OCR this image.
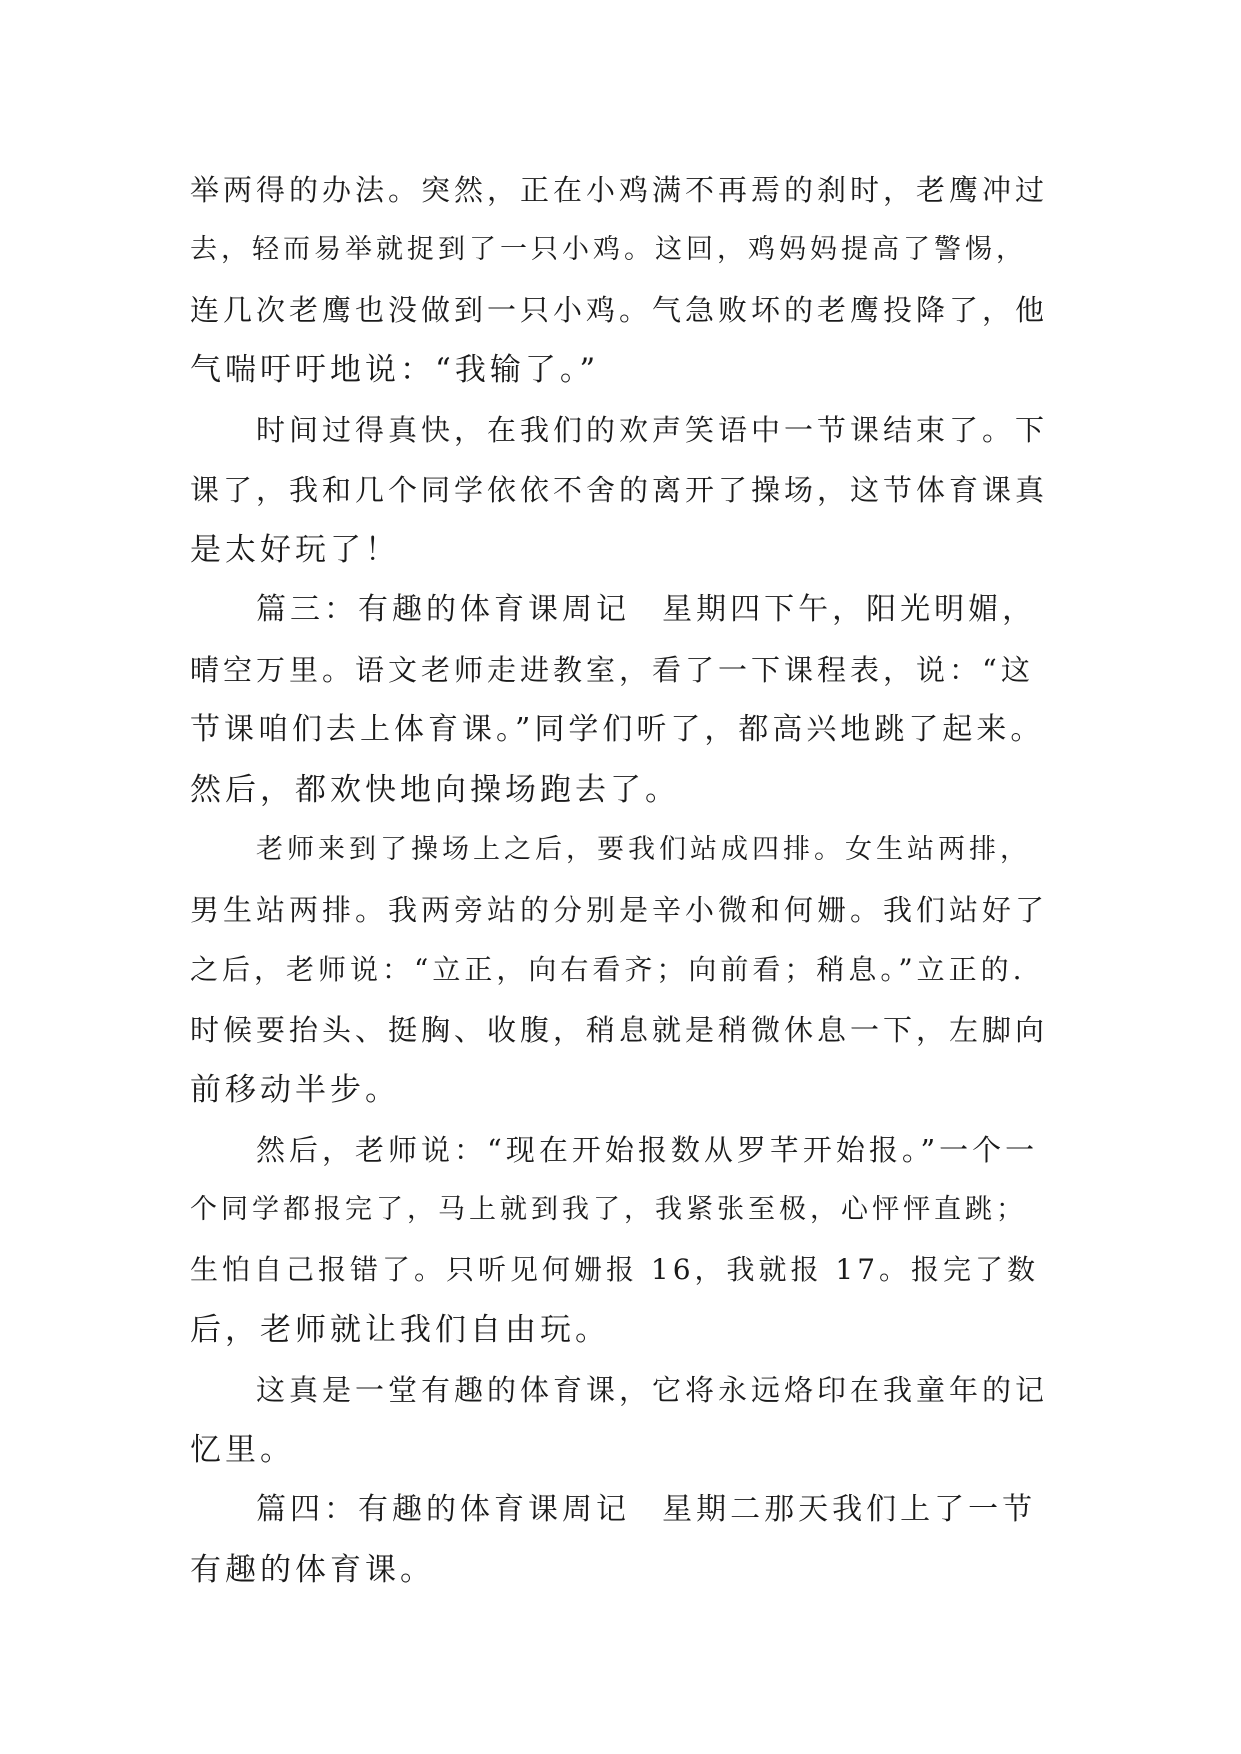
举两得的办法。突然，正在小鸡满不再焉的刹时，老鹰冲过
去，轻而易举就捉到了一只小鸡。这回，鸡妈妈提高了警惕，
连几次老鹰也没做到一只小鸡。气急败坏的老鹰投降了，他
气喘吁吁地说：“我输了。”
时间过得真快，在我们的欢声笑语中一节课结束了。下
课了，我和几个同学依依不舍的离开了操场，这节体育课真
是太好玩了！
篇三：有趣的体育课周记	星期四下午，阳光明媚，
晴空万里。语文老师走进教室，看了一下课程表，说：“这
节课咱们去上体育课。”同学们听了，都高兴地跳了起来。
然后，都欢快地向操场跑去了。
老师来到了操场上之后，要我们站成四排。女生站两排，
男生站两排。我两旁站的分别是辛小微和何姗。我们站好了
之后，老师说：“立正，向右看齐；向前看；稍息。”立正的.
时候要抬头、挺胸、收腹，稍息就是稍微休息一下，左脚向
前移动半步。
然后，老师说：“现在开始报数从罗芊开始报。”一个一
个同学都报完了，马上就到我了，我紧张至极，心怦怦直跳；
生怕自己报错了。只听见何姗报 16，我就报 17。报完了数
后，老师就让我们自由玩。
这真是一堂有趣的体育课，它将永远烙印在我童年的记
忆里。
篇四：有趣的体育课周记	星期二那天我们上了一节
有趣的体育课。
